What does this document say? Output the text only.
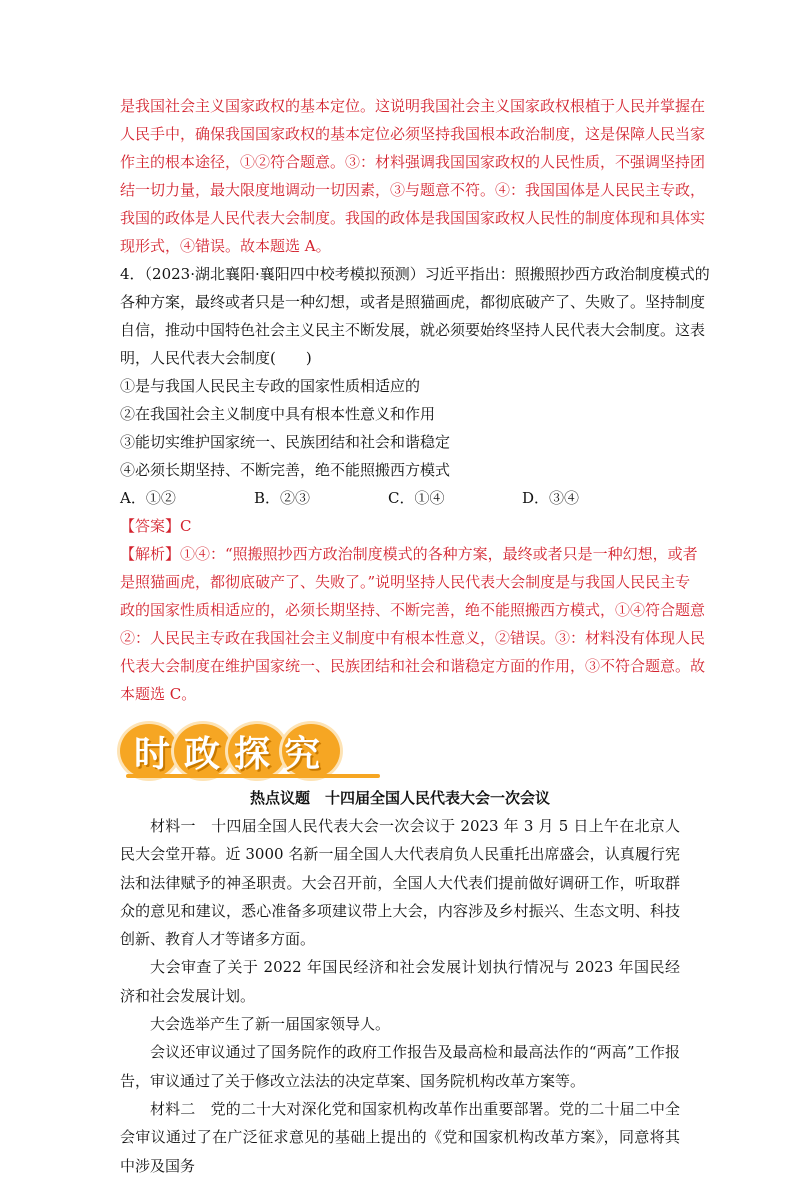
是我国社会主义国家政权的基本定位。这说明我国社会主义国家政权根植于人民并掌握在

人民手中，确保我国国家政权的基本定位必须坚持我国根本政治制度，这是保障人民当家

作主的根本途径，①②符合题意。③：材料强调我国国家政权的人民性质，不强调坚持团

结一切力量，最大限度地调动一切因素，③与题意不符。④：我国国体是人民民主专政，

我国的政体是人民代表大会制度。我国的政体是我国国家政权人民性的制度体现和具体实

现形式，④错误。故本题选 A。

4．（2023·湖北襄阳·襄阳四中校考模拟预测）习近平指出：照搬照抄西方政治制度模式的

各种方案，最终或者只是一种幻想，或者是照猫画虎，都彻底破产了、失败了。坚持制度

自信，推动中国特色社会主义民主不断发展，就必须要始终坚持人民代表大会制度。这表

明，人民代表大会制度(　　)

①是与我国人民民主专政的国家性质相适应的

②在我国社会主义制度中具有根本性意义和作用

③能切实维护国家统一、民族团结和社会和谐稳定

④必须长期坚持、不断完善，绝不能照搬西方模式

A．①②	B．②③	C．①④	D．③④

【答案】C

【解析】①④：“照搬照抄西方政治制度模式的各种方案，最终或者只是一种幻想，或者

是照猫画虎，都彻底破产了、失败了。”说明坚持人民代表大会制度是与我国人民民主专

政的国家性质相适应的，必须长期坚持、不断完善，绝不能照搬西方模式，①④符合题意

②：人民民主专政在我国社会主义制度中有根本性意义，②错误。③：材料没有体现人民

代表大会制度在维护国家统一、民族团结和社会和谐稳定方面的作用，③不符合题意。故

本题选 C。

时政探究

热点议题　十四届全国人民代表大会一次会议

材料一　十四届全国人民代表大会一次会议于 2023 年 3 月 5 日上午在北京人民大会堂开幕。近 3000 名新一届全国人大代表肩负人民重托出席盛会，认真履行宪法和法律赋予的神圣职责。大会召开前，全国人大代表们提前做好调研工作，听取群众的意见和建议，悉心准备多项建议带上大会，内容涉及乡村振兴、生态文明、科技创新、教育人才等诸多方面。

大会审查了关于 2022 年国民经济和社会发展计划执行情况与 2023 年国民经济和社会发展计划。

大会选举产生了新一届国家领导人。

会议还审议通过了国务院作的政府工作报告及最高检和最高法作的“两高”工作报告，审议通过了关于修改立法法的决定草案、国务院机构改革方案等。

材料二　党的二十大对深化党和国家机构改革作出重要部署。党的二十届二中全会审议通过了在广泛征求意见的基础上提出的《党和国家机构改革方案》，同意将其中涉及国务
